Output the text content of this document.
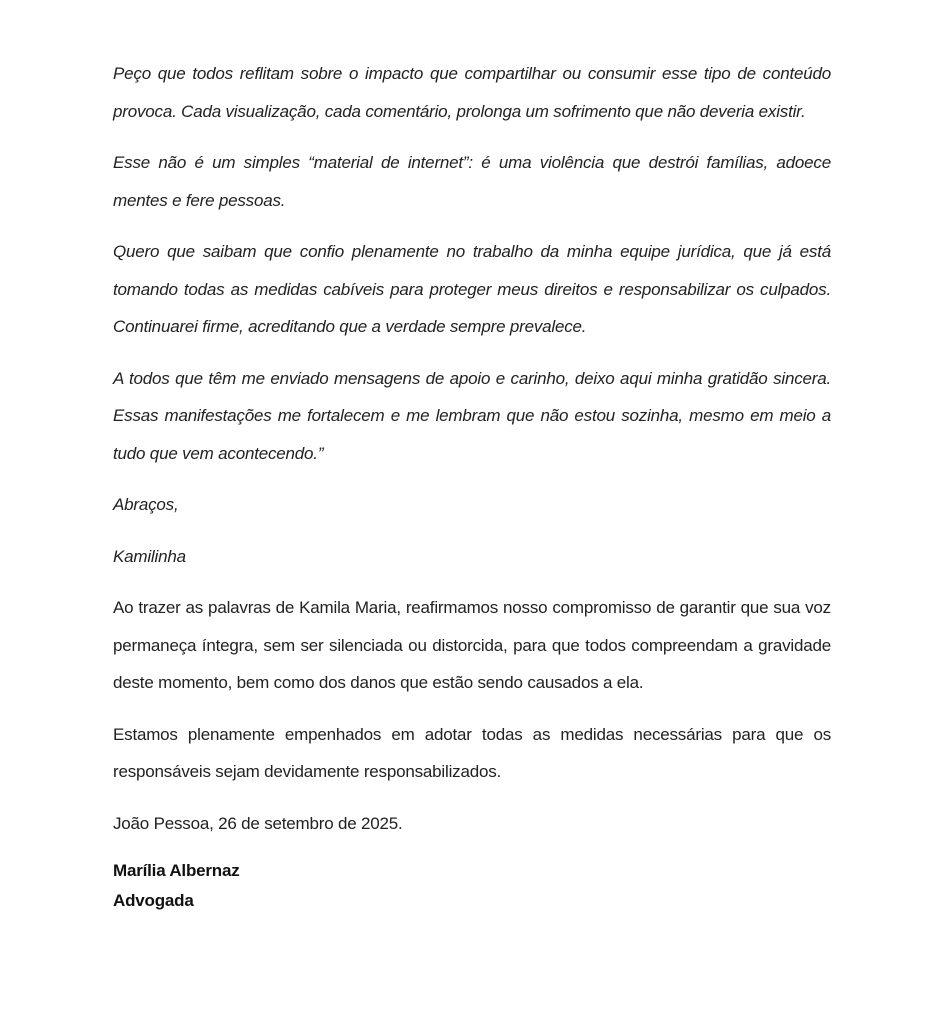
Peço que todos reflitam sobre o impacto que compartilhar ou consumir esse tipo de conteúdo provoca. Cada visualização, cada comentário, prolonga um sofrimento que não deveria existir.

Esse não é um simples “material de internet”: é uma violência que destrói famílias, adoece mentes e fere pessoas.

Quero que saibam que confio plenamente no trabalho da minha equipe jurídica, que já está tomando todas as medidas cabíveis para proteger meus direitos e responsabilizar os culpados. Continuarei firme, acreditando que a verdade sempre prevalece.

A todos que têm me enviado mensagens de apoio e carinho, deixo aqui minha gratidão sincera. Essas manifestações me fortalecem e me lembram que não estou sozinha, mesmo em meio a tudo que vem acontecendo.”

Abraços,

Kamilinha

Ao trazer as palavras de Kamila Maria, reafirmamos nosso compromisso de garantir que sua voz permaneça íntegra, sem ser silenciada ou distorcida, para que todos compreendam a gravidade deste momento, bem como dos danos que estão sendo causados a ela.

Estamos plenamente empenhados em adotar todas as medidas necessárias para que os responsáveis sejam devidamente responsabilizados.

João Pessoa, 26 de setembro de 2025.

Marília Albernaz
Advogada
